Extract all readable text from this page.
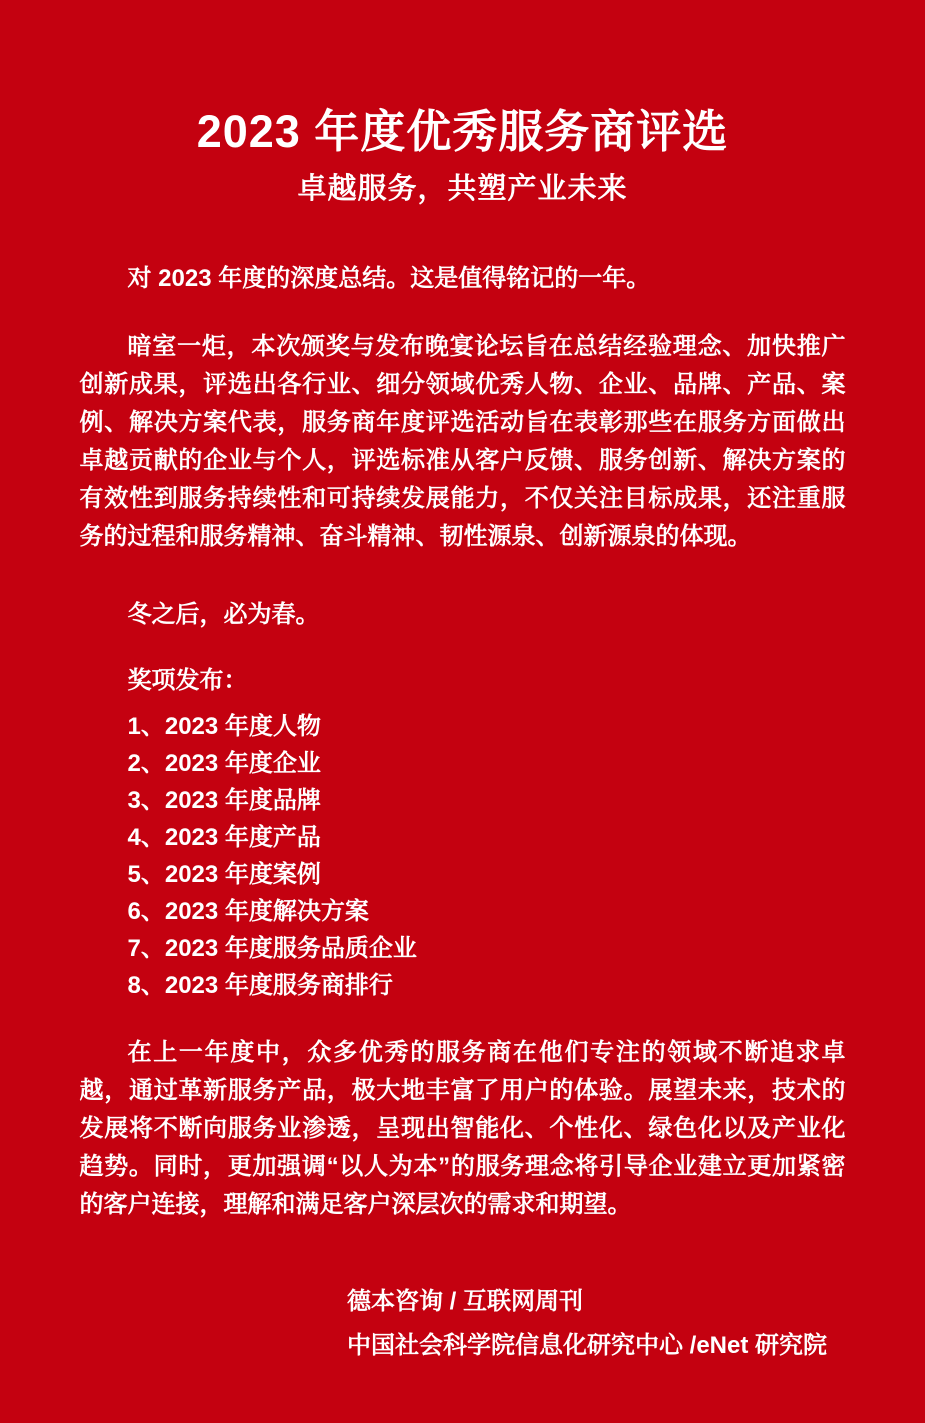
2023 年度优秀服务商评选
卓越服务，共塑产业未来

对 2023 年度的深度总结。这是值得铭记的一年。

暗室一炬，本次颁奖与发布晚宴论坛旨在总结经验理念、加快推广创新成果，评选出各行业、细分领域优秀人物、企业、品牌、产品、案例、解决方案代表，服务商年度评选活动旨在表彰那些在服务方面做出卓越贡献的企业与个人，评选标准从客户反馈、服务创新、解决方案的有效性到服务持续性和可持续发展能力，不仅关注目标成果，还注重服务的过程和服务精神、奋斗精神、韧性源泉、创新源泉的体现。

冬之后，必为春。

奖项发布：
1、2023 年度人物
2、2023 年度企业
3、2023 年度品牌
4、2023 年度产品
5、2023 年度案例
6、2023 年度解决方案
7、2023 年度服务品质企业
8、2023 年度服务商排行

在上一年度中，众多优秀的服务商在他们专注的领域不断追求卓越，通过革新服务产品，极大地丰富了用户的体验。展望未来，技术的发展将不断向服务业渗透，呈现出智能化、个性化、绿色化以及产业化趋势。同时，更加强调“以人为本”的服务理念将引导企业建立更加紧密的客户连接，理解和满足客户深层次的需求和期望。

德本咨询 / 互联网周刊
中国社会科学院信息化研究中心 /eNet 研究院
